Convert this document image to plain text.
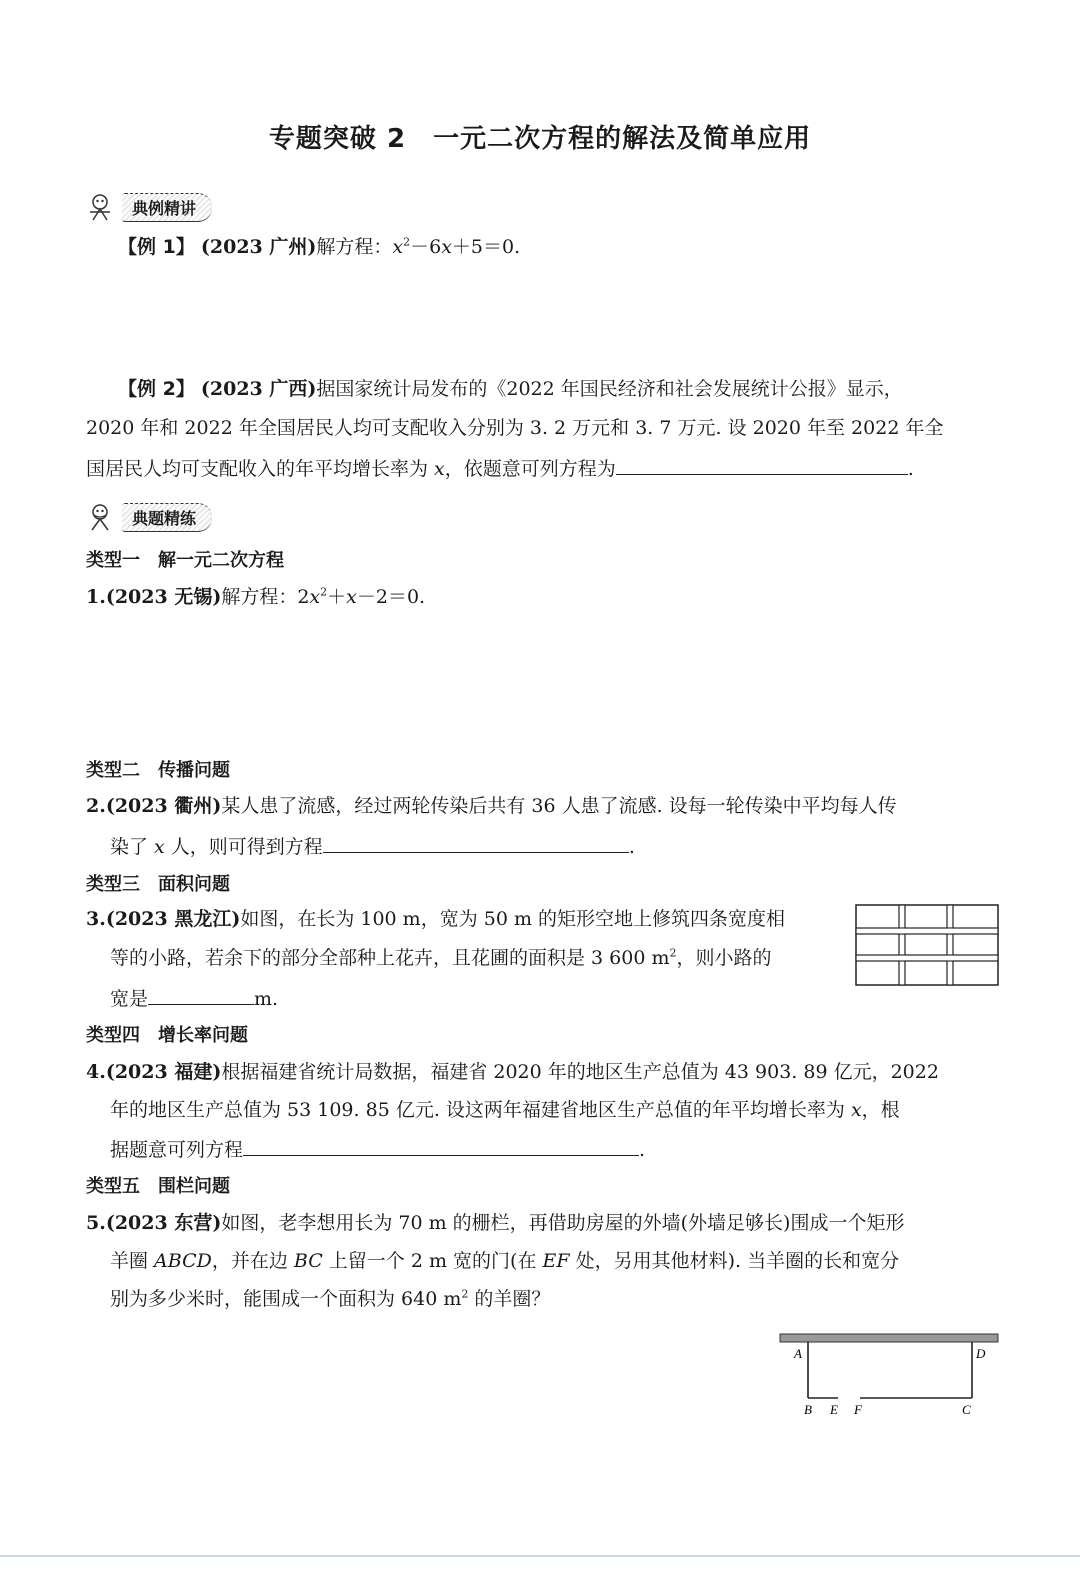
专题突破 2　一元二次方程的解法及简单应用
典例精讲
【例 1】 (2023 广州)解方程：$x^2-6x+5=0$.
【例 2】 (2023 广西)据国家统计局发布的《2022 年国民经济和社会发展统计公报》显示，
2020 年和 2022 年全国居民人均可支配收入分别为 3. 2 万元和 3. 7 万元. 设 2020 年至 2022 年全
国居民人均可支配收入的年平均增长率为 x，依题意可列方程为	.
典题精练
类型一　解一元二次方程
1.(2023 无锡)解方程：$2x^2+x-2=0$.
类型二　传播问题
2.(2023 衢州)某人患了流感，经过两轮传染后共有 36 人患了流感. 设每一轮传染中平均每人传
染了 x 人，则可得到方程	.
类型三　面积问题
3.(2023 黑龙江)如图，在长为 100 m，宽为 50 m 的矩形空地上修筑四条宽度相
等的小路，若余下的部分全部种上花卉，且花圃的面积是 3 600 $m^2$，则小路的
宽是	m.
类型四　增长率问题
4.(2023 福建)根据福建省统计局数据，福建省 2020 年的地区生产总值为 43 903. 89 亿元，2022
年的地区生产总值为 53 109. 85 亿元. 设这两年福建省地区生产总值的年平均增长率为 x，根
据题意可列方程	.
类型五　围栏问题
5.(2023 东营)如图，老李想用长为 70 m 的栅栏，再借助房屋的外墙(外墙足够长)围成一个矩形
羊圈 ABCD，并在边 BC 上留一个 2 m 宽的门(在 EF 处，另用其他材料). 当羊圈的长和宽分
别为多少米时，能围成一个面积为 640 $m^2$ 的羊圈？
A	D
B E F	C
